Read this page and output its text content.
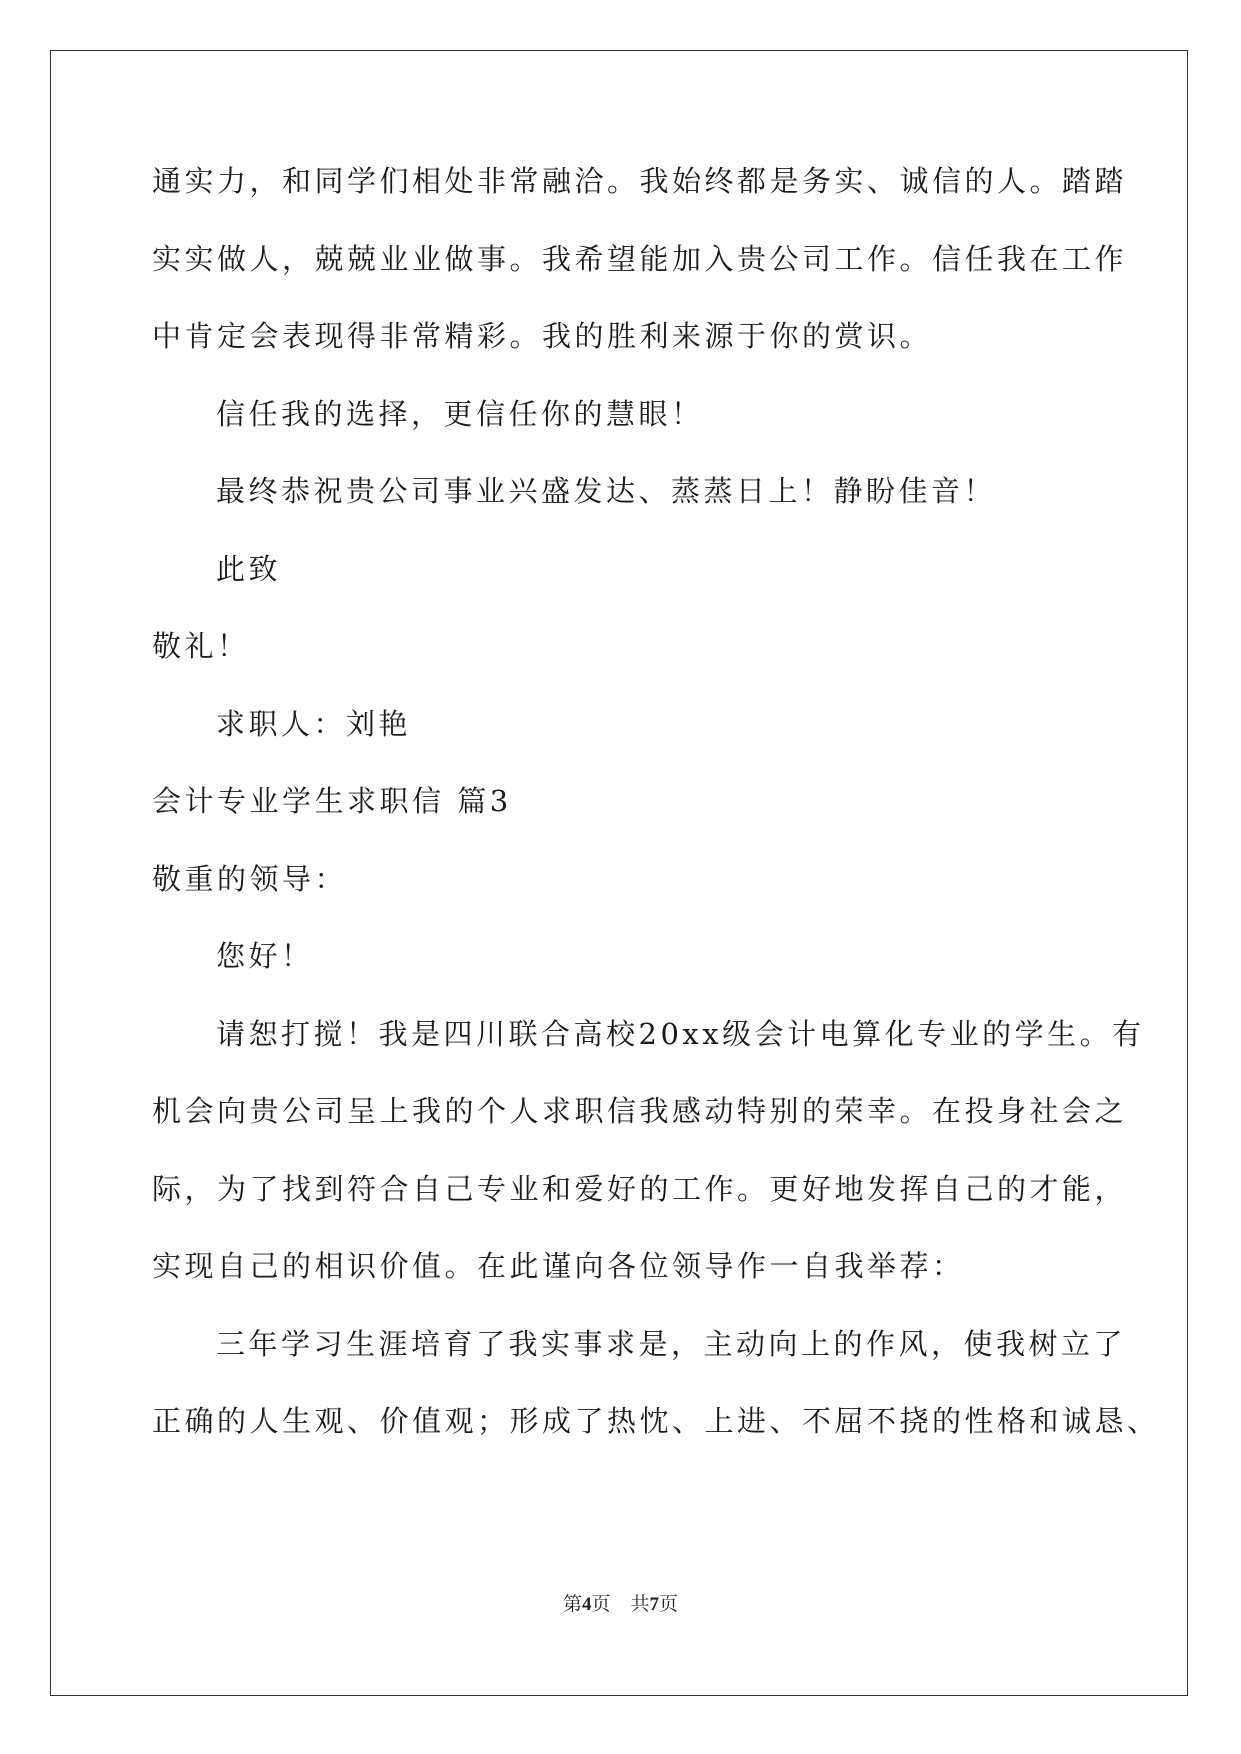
通实力，和同学们相处非常融洽。我始终都是务实、诚信的人。踏踏
实实做人，兢兢业业做事。我希望能加入贵公司工作。信任我在工作
中肯定会表现得非常精彩。我的胜利来源于你的赏识。
信任我的选择，更信任你的慧眼！
最终恭祝贵公司事业兴盛发达、蒸蒸日上！静盼佳音！
此致
敬礼！
求职人：刘艳
会计专业学生求职信 篇3
敬重的领导：
您好！
请恕打搅！我是四川联合高校20xx级会计电算化专业的学生。有
机会向贵公司呈上我的个人求职信我感动特别的荣幸。在投身社会之
际，为了找到符合自己专业和爱好的工作。更好地发挥自己的才能，
实现自己的相识价值。在此谨向各位领导作一自我举荐：
三年学习生涯培育了我实事求是，主动向上的作风，使我树立了
正确的人生观、价值观；形成了热忱、上进、不屈不挠的性格和诚恳、
第4页 共7页
